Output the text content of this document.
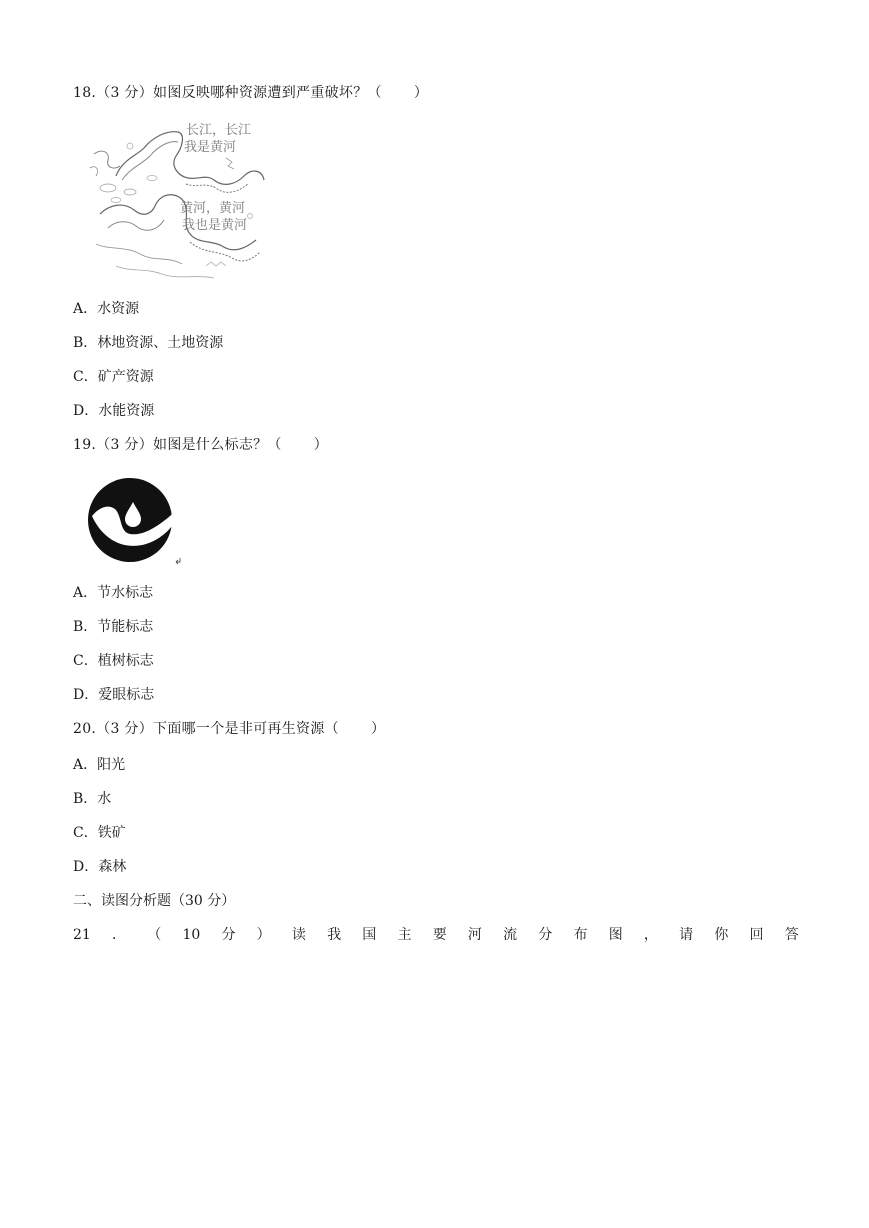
18.（3 分）如图反映哪种资源遭到严重破坏？（ ）
长江，长江
我是黄河
黄河，黄河
我也是黄河
A．水资源
B．林地资源、土地资源
C．矿产资源
D．水能资源
19.（3 分）如图是什么标志？（ ）
A．节水标志
B．节能标志
C．植树标志
D．爱眼标志
20.（3 分）下面哪一个是非可再生资源（ ）
A．阳光
B．水
C．铁矿
D．森林
二、读图分析题（30 分）
21 ． （ 10 分 ） 读 我 国 主 要 河 流 分 布 图 ， 请 你 回 答
